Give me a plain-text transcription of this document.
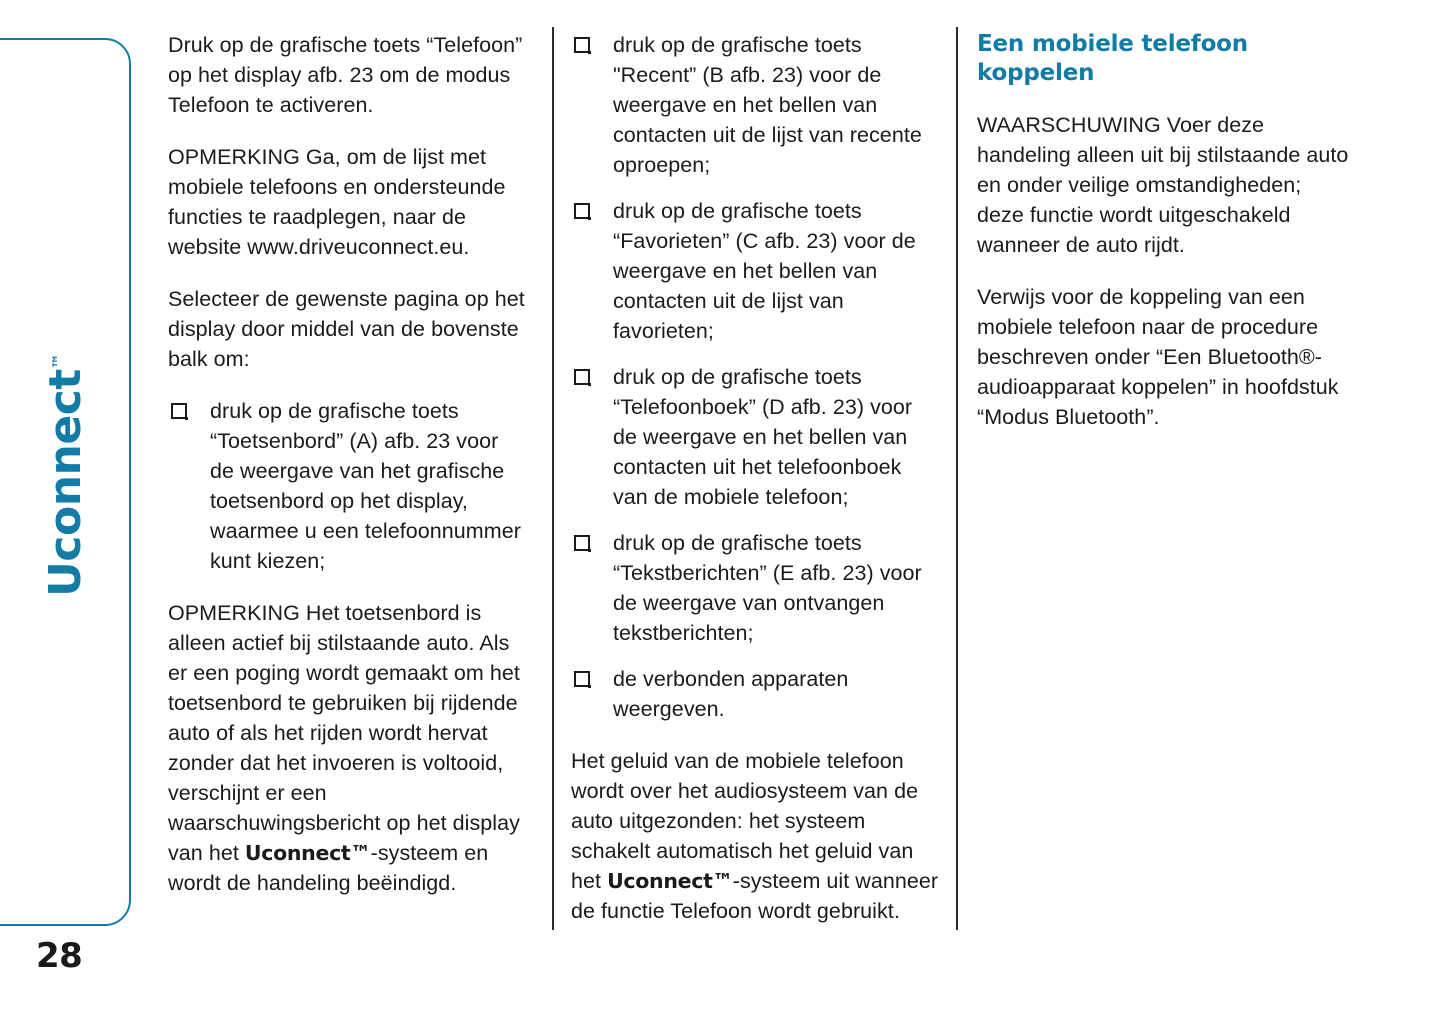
Uconnect™
28

Druk op de grafische toets “Telefoon” op het display afb. 23 om de modus Telefoon te activeren.

OPMERKING Ga, om de lijst met mobiele telefoons en ondersteunde functies te raadplegen, naar de website www.driveuconnect.eu.

Selecteer de gewenste pagina op het display door middel van de bovenste balk om:

druk op de grafische toets “Toetsenbord” (A) afb. 23 voor de weergave van het grafische toetsenbord op het display, waarmee u een telefoonnummer kunt kiezen;

OPMERKING Het toetsenbord is alleen actief bij stilstaande auto. Als er een poging wordt gemaakt om het toetsenbord te gebruiken bij rijdende auto of als het rijden wordt hervat zonder dat het invoeren is voltooid, verschijnt er een waarschuwingsbericht op het display van het Uconnect™-systeem en wordt de handeling beëindigd.

druk op de grafische toets "Recent” (B afb. 23) voor de weergave en het bellen van contacten uit de lijst van recente oproepen;
druk op de grafische toets “Favorieten” (C afb. 23) voor de weergave en het bellen van contacten uit de lijst van favorieten;
druk op de grafische toets “Telefoonboek” (D afb. 23) voor de weergave en het bellen van contacten uit het telefoonboek van de mobiele telefoon;
druk op de grafische toets “Tekstberichten” (E afb. 23) voor de weergave van ontvangen tekstberichten;
de verbonden apparaten weergeven.

Het geluid van de mobiele telefoon wordt over het audiosysteem van de auto uitgezonden: het systeem schakelt automatisch het geluid van het Uconnect™-systeem uit wanneer de functie Telefoon wordt gebruikt.

Een mobiele telefoon koppelen

WAARSCHUWING Voer deze handeling alleen uit bij stilstaande auto en onder veilige omstandigheden; deze functie wordt uitgeschakeld wanneer de auto rijdt.

Verwijs voor de koppeling van een mobiele telefoon naar de procedure beschreven onder “Een Bluetooth®-audioapparaat koppelen” in hoofdstuk “Modus Bluetooth”.
